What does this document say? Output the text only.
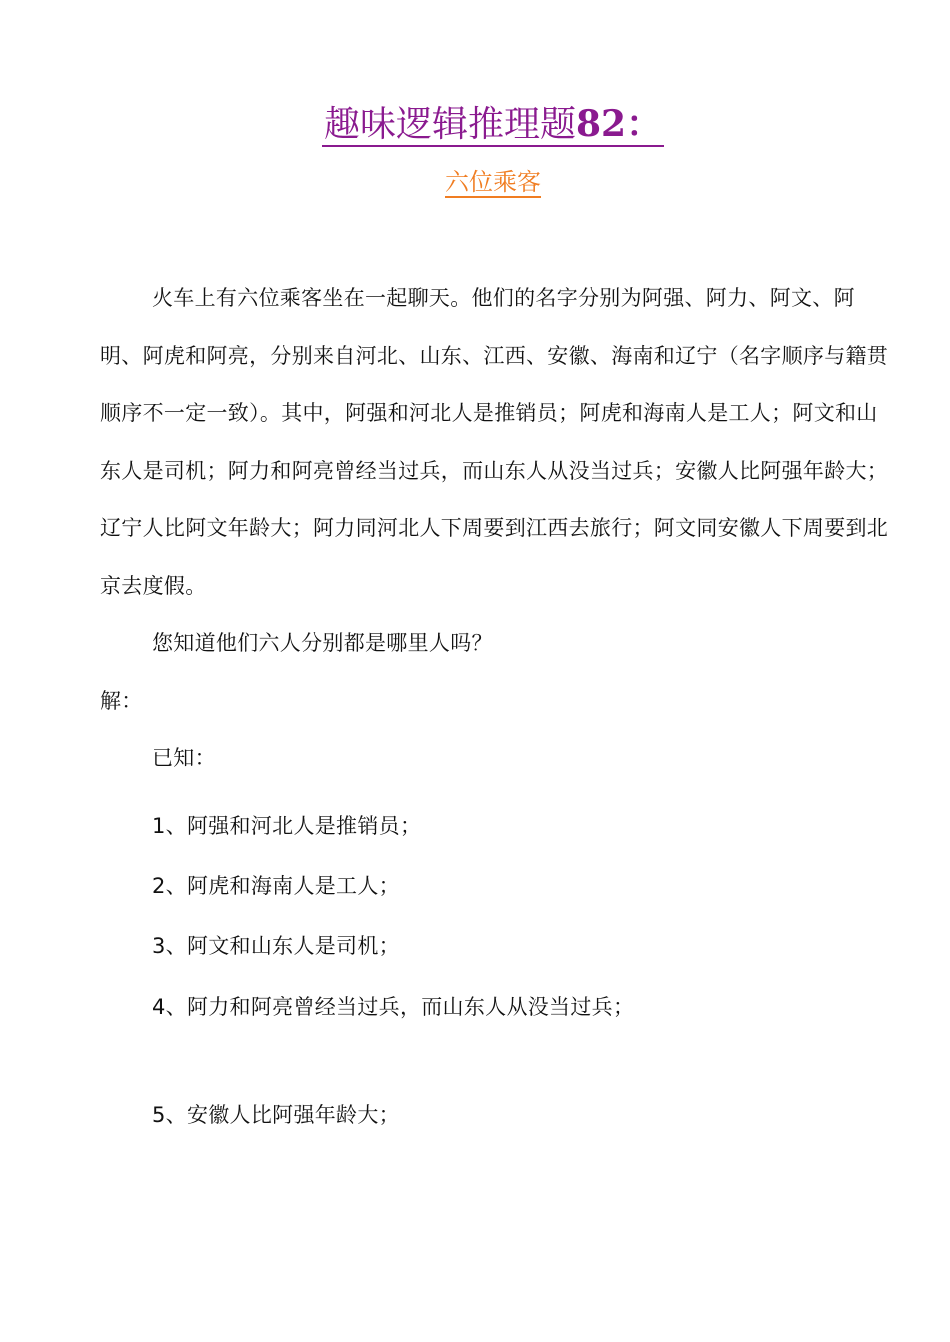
趣味逻辑推理题82：
六位乘客
火车上有六位乘客坐在一起聊天。他们的名字分别为阿强、阿力、阿文、阿明、阿虎和阿亮，分别来自河北、山东、江西、安徽、海南和辽宁（名字顺序与籍贯顺序不一定一致）。其中，阿强和河北人是推销员；阿虎和海南人是工人；阿文和山东人是司机；阿力和阿亮曾经当过兵，而山东人从没当过兵；安徽人比阿强年龄大；辽宁人比阿文年龄大；阿力同河北人下周要到江西去旅行；阿文同安徽人下周要到北京去度假。
您知道他们六人分别都是哪里人吗？
解：
已知：
1、阿强和河北人是推销员；
2、阿虎和海南人是工人；
3、阿文和山东人是司机；
4、阿力和阿亮曾经当过兵，而山东人从没当过兵；
5、安徽人比阿强年龄大；
